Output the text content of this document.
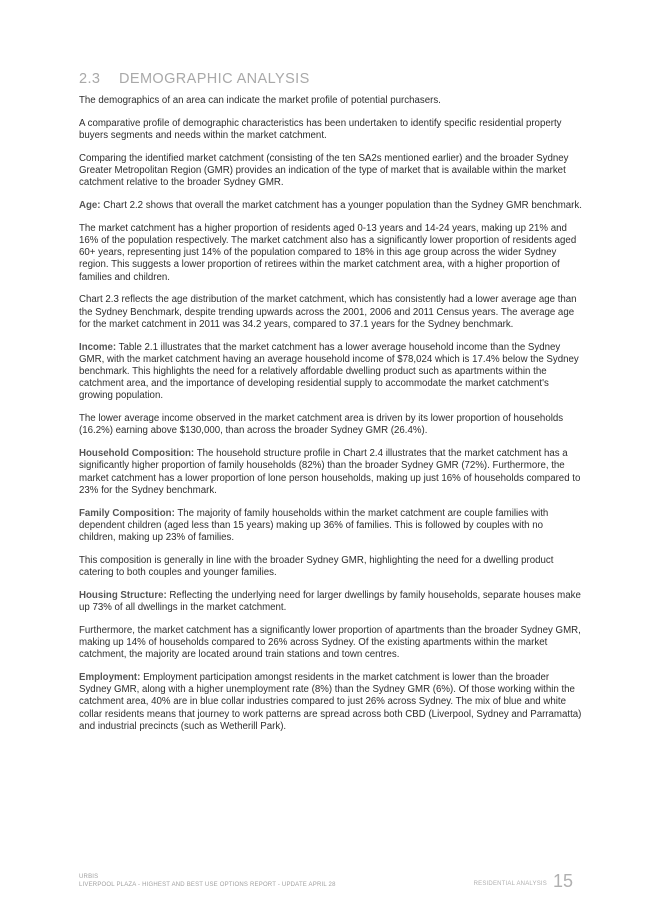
2.3 DEMOGRAPHIC ANALYSIS

The demographics of an area can indicate the market profile of potential purchasers.

A comparative profile of demographic characteristics has been undertaken to identify specific residential property buyers segments and needs within the market catchment.

Comparing the identified market catchment (consisting of the ten SA2s mentioned earlier) and the broader Sydney Greater Metropolitan Region (GMR) provides an indication of the type of market that is available within the market catchment relative to the broader Sydney GMR.

Age: Chart 2.2 shows that overall the market catchment has a younger population than the Sydney GMR benchmark.

The market catchment has a higher proportion of residents aged 0-13 years and 14-24 years, making up 21% and 16% of the population respectively. The market catchment also has a significantly lower proportion of residents aged 60+ years, representing just 14% of the population compared to 18% in this age group across the wider Sydney region. This suggests a lower proportion of retirees within the market catchment area, with a higher proportion of families and children.

Chart 2.3 reflects the age distribution of the market catchment, which has consistently had a lower average age than the Sydney Benchmark, despite trending upwards across the 2001, 2006 and 2011 Census years. The average age for the market catchment in 2011 was 34.2 years, compared to 37.1 years for the Sydney benchmark.

Income: Table 2.1 illustrates that the market catchment has a lower average household income than the Sydney GMR, with the market catchment having an average household income of $78,024 which is 17.4% below the Sydney benchmark. This highlights the need for a relatively affordable dwelling product such as apartments within the catchment area, and the importance of developing residential supply to accommodate the market catchment's growing population.

The lower average income observed in the market catchment area is driven by its lower proportion of households (16.2%) earning above $130,000, than across the broader Sydney GMR (26.4%).

Household Composition: The household structure profile in Chart 2.4 illustrates that the market catchment has a significantly higher proportion of family households (82%) than the broader Sydney GMR (72%). Furthermore, the market catchment has a lower proportion of lone person households, making up just 16% of households compared to 23% for the Sydney benchmark.

Family Composition: The majority of family households within the market catchment are couple families with dependent children (aged less than 15 years) making up 36% of families. This is followed by couples with no children, making up 23% of families.

This composition is generally in line with the broader Sydney GMR, highlighting the need for a dwelling product catering to both couples and younger families.

Housing Structure: Reflecting the underlying need for larger dwellings by family households, separate houses make up 73% of all dwellings in the market catchment.

Furthermore, the market catchment has a significantly lower proportion of apartments than the broader Sydney GMR, making up 14% of households compared to 26% across Sydney. Of the existing apartments within the market catchment, the majority are located around train stations and town centres.

Employment: Employment participation amongst residents in the market catchment is lower than the broader Sydney GMR, along with a higher unemployment rate (8%) than the Sydney GMR (6%). Of those working within the catchment area, 40% are in blue collar industries compared to just 26% across Sydney. The mix of blue and white collar residents means that journey to work patterns are spread across both CBD (Liverpool, Sydney and Parramatta) and industrial precincts (such as Wetherill Park).

URBIS
LIVERPOOL PLAZA - HIGHEST AND BEST USE OPTIONS REPORT - UPDATE APRIL 28	RESIDENTIAL ANALYSIS 15
